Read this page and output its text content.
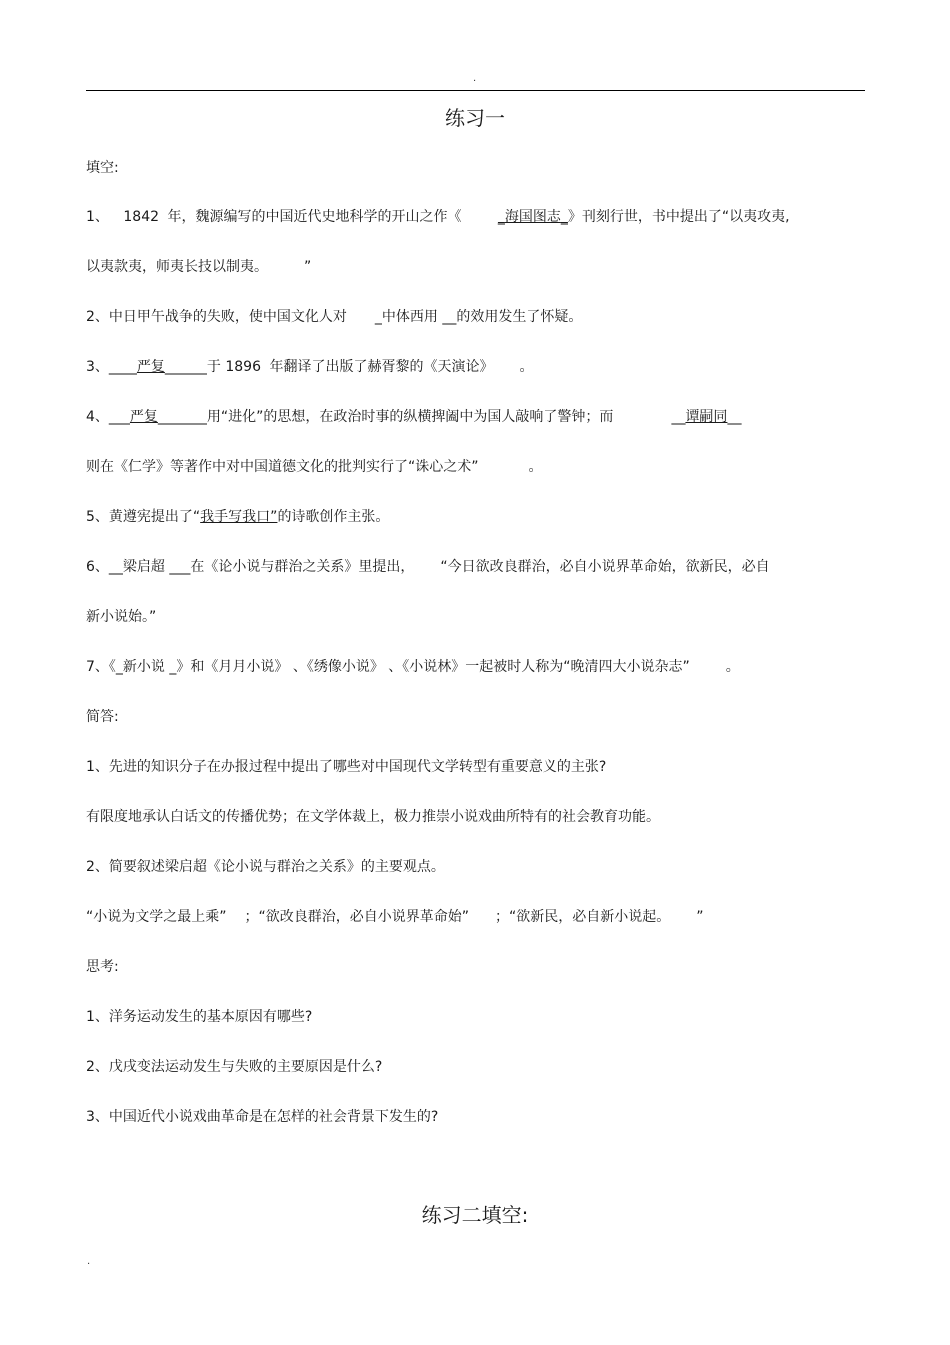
.
练习一
填空:
1、 1842 年，魏源编写的中国近代史地科学的开山之作《	_海国图志_》刊刻行世，书中提出了“以夷攻夷,
以夷款夷，师夷长技以制夷。	”
2、中日甲午战争的失败，使中国文化人对 _中体西用 __的效用发生了怀疑。
3、____严复______于 1896 年翻译了出版了赫胥黎的《天演论》 。
4、___严复_______用“进化”的思想，在政治时事的纵横捭阖中为国人敲响了警钟；而	__谭嗣同__
则在《仁学》等著作中对中国道德文化的批判实行了“诛心之术”	。
5、黄遵宪提出了“我手写我口”的诗歌创作主张。
6、__梁启超 ___在《论小说与群治之关系》里提出， “今日欲改良群治，必自小说界革命始，欲新民，必自
新小说始。”
7、《_新小说 _》和《月月小说》 、《绣像小说》 、《小说林》一起被时人称为“晚清四大小说杂志”	。
简答:
1、先进的知识分子在办报过程中提出了哪些对中国现代文学转型有重要意义的主张?
有限度地承认白话文的传播优势；在文学体裁上，极力推崇小说戏曲所特有的社会教育功能。
2、简要叙述梁启超《论小说与群治之关系》的主要观点。
“小说为文学之最上乘” ；“欲改良群治，必自小说界革命始” ；“欲新民，必自新小说起。 ”
思考:
1、洋务运动发生的基本原因有哪些?
2、戊戌变法运动发生与失败的主要原因是什么?
3、中国近代小说戏曲革命是在怎样的社会背景下发生的?
练习二填空:
.
